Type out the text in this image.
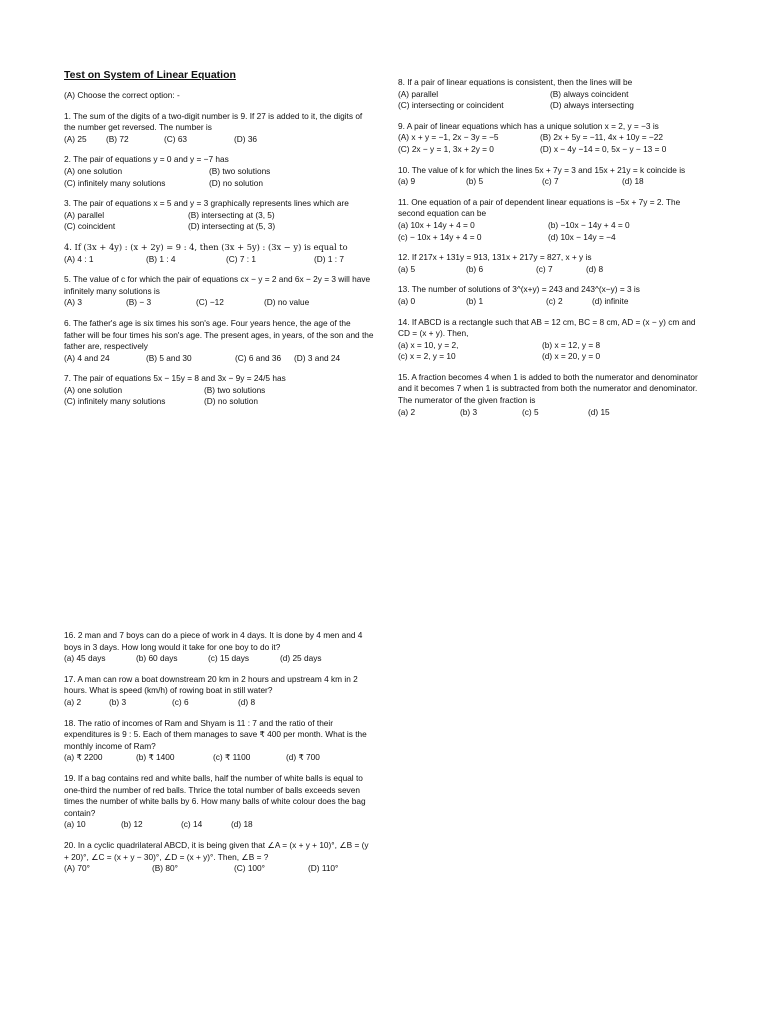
Test on System of Linear Equation
(A) Choose the correct option: -
1. The sum of the digits of a two-digit number is 9. If 27 is added to it, the digits of the number get reversed. The number is
(A) 25	(B) 72	(C) 63	(D) 36
2. The pair of equations y = 0 and y = −7 has
(A) one solution	(B) two solutions
(C) infinitely many solutions	(D) no solution
3. The pair of equations x = 5 and y = 3 graphically represents lines which are
(A) parallel	(B) intersecting at (3, 5)
(C) coincident	(D) intersecting at (5, 3)
4. If (3x + 4y) : (x + 2y) = 9 : 4, then (3x + 5y) : (3x − y) is equal to
(A) 4 : 1	(B) 1 : 4	(C) 7 : 1	(D) 1 : 7
5. The value of c for which the pair of equations cx − y = 2 and 6x − 2y = 3 will have infinitely many solutions is
(A) 3	(B) − 3	(C) −12	(D) no value
6. The father's age is six times his son's age. Four years hence, the age of the father will be four times his son's age. The present ages, in years, of the son and the father are, respectively
(A) 4 and 24	(B) 5 and 30	(C) 6 and 36	(D) 3 and 24
7. The pair of equations 5x − 15y = 8 and 3x − 9y = 24/5 has
(A) one solution	(B) two solutions
(C) infinitely many solutions	(D) no solution
8. If a pair of linear equations is consistent, then the lines will be
(A) parallel	(B) always coincident
(C) intersecting or coincident	(D) always intersecting
9. A pair of linear equations which has a unique solution x = 2, y = −3 is
(A) x + y = −1, 2x − 3y = −5	(B) 2x + 5y = −11, 4x + 10y = −22
(C) 2x − y = 1, 3x + 2y = 0	(D) x − 4y −14 = 0, 5x − y − 13 = 0
10. The value of k for which the lines 5x + 7y = 3 and 15x + 21y = k coincide is
(a) 9	(b) 5	(c) 7	(d) 18
11. One equation of a pair of dependent linear equations is −5x + 7y = 2. The second equation can be
(a) 10x + 14y + 4 = 0	(b) −10x − 14y + 4 = 0
(c) − 10x + 14y + 4 = 0	(d) 10x − 14y = −4
12. If 217x + 131y = 913, 131x + 217y = 827, x + y is
(a) 5	(b) 6	(c) 7	(d) 8
13. The number of solutions of 3^(x+y) = 243 and 243^(x−y) = 3 is
(a) 0	(b) 1	(c) 2	(d) infinite
14. If ABCD is a rectangle such that AB = 12 cm, BC = 8 cm, AD = (x − y) cm and CD = (x + y). Then,
(a) x = 10, y = 2,	(b) x = 12, y = 8
(c) x = 2, y = 10	(d) x = 20, y = 0
15. A fraction becomes 4 when 1 is added to both the numerator and denominator and it becomes 7 when 1 is subtracted from both the numerator and denominator. The numerator of the given fraction is
(a) 2	(b) 3	(c) 5	(d) 15
16. 2 man and 7 boys can do a piece of work in 4 days. It is done by 4 men and 4 boys in 3 days. How long would it take for one boy to do it?
(a) 45 days	(b) 60 days	(c) 15 days	(d) 25 days
17. A man can row a boat downstream 20 km in 2 hours and upstream 4 km in 2 hours. What is speed (km/h) of rowing boat in still water?
(a) 2	(b) 3	(c) 6	(d) 8
18. The ratio of incomes of Ram and Shyam is 11 : 7 and the ratio of their expenditures is 9 : 5. Each of them manages to save ₹ 400 per month. What is the monthly income of Ram?
(a) ₹ 2200	(b) ₹ 1400	(c) ₹ 1100	(d) ₹ 700
19. If a bag contains red and white balls, half the number of white balls is equal to one-third the number of red balls. Thrice the total number of balls exceeds seven times the number of white balls by 6. How many balls of white colour does the bag contain?
(a) 10	(b) 12	(c) 14	(d) 18
20. In a cyclic quadrilateral ABCD, it is being given that ∠A = (x + y + 10)°, ∠B = (y + 20)°, ∠C = (x + y − 30)°, ∠D = (x + y)°. Then, ∠B = ?
(A) 70°	(B) 80°	(C) 100°	(D) 110°
